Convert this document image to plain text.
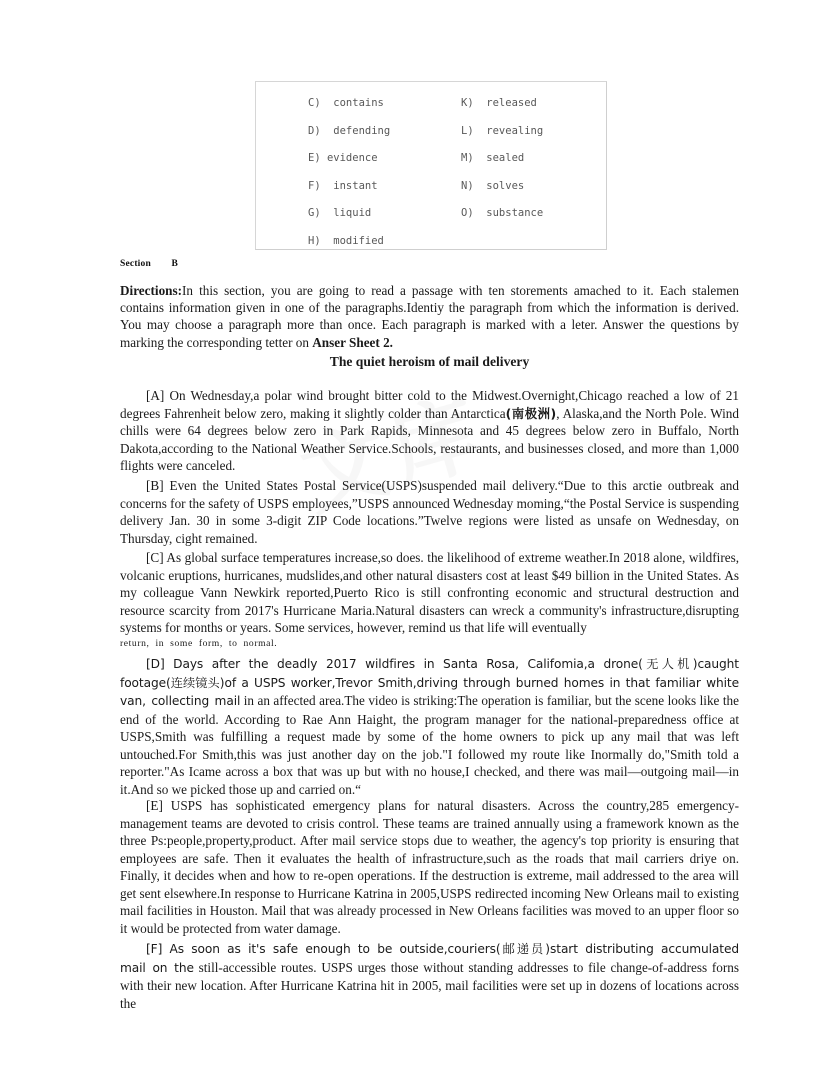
C)  contains
D)  defending
E) evidence
F)  instant
G)  liquid
H)  modified
K)  released
L)  revealing
M)  sealed
N)  solves
O)  substance
Section        B
Directions:In this section, you are going to read a passage with ten storements amached to it. Each stalemen contains information given in one of the paragraphs.Identiy the paragraph from which the information is derived. You may choose a paragraph more than once. Each paragraph is marked with a leter. Answer the questions by marking the corresponding tetter on Anser Sheet 2.
The quiet heroism of mail delivery
[A] On Wednesday,a polar wind brought bitter cold to the Midwest.Overnight,Chicago reached a low of 21 degrees Fahrenheit below zero, making it slightly colder than Antarctica(南极洲), Alaska,and the North Pole. Wind chills were 64 degrees below zero in Park Rapids, Minnesota and 45 degrees below zero in Buffalo, North Dakota,according to the National Weather Service.Schools, restaurants, and businesses closed, and more than 1,000 flights were canceled.
[B] Even the United States Postal Service(USPS)suspended mail delivery.“Due to this arctie outbreak and concerns for the safety of USPS employees,”USPS announced Wednesday moming,“the Postal Service is suspending delivery Jan. 30 in some 3-digit ZIP Code locations.”Twelve regions were listed as unsafe on Wednesday, on Thursday, cight remained.
[C] As global surface temperatures increase,so does. the likelihood of extreme weather.In 2018 alone, wildfires, volcanic eruptions, hurricanes, mudslides,and other natural disasters cost at least $49 billion in the United States. As my colleague Vann Newkirk reported,Puerto Rico is still confronting economic and structural destruction and resource scarcity from 2017's Hurricane Maria.Natural disasters can wreck a community's infrastructure,disrupting systems for months or years. Some services, however, remind us that life will eventually
return, in some form, to normal.
[D] Days after the deadly 2017 wildfires in Santa Rosa, Califomia,a drone(无人机)caught footage(连续镜头)of a USPS worker,Trevor Smith,driving through burned homes in that familiar white van, collecting mail in an affected area.The video is striking:The operation is familiar, but the scene looks like the end of the world. According to Rae Ann Haight, the program manager for the national-preparedness office at USPS,Smith was fulfilling a request made by some of the home owners to pick up any mail that was left untouched.For Smith,this was just another day on the job."I followed my route like Inormally do,"Smith told a reporter."As Icame across a box that was up but with no house,I checked, and there was mail—outgoing mail—in it.And so we picked those up and carried on.“
[E] USPS has sophisticated emergency plans for natural disasters. Across the country,285 emergency-management teams are devoted to crisis control. These teams are trained annually using a framework known as the three Ps:people,property,product. After mail service stops due to weather, the agency's top priority is ensuring that employees are safe. Then it evaluates the health of infrastructure,such as the roads that mail carriers driye on. Finally, it decides when and how to re-open operations. If the destruction is extreme, mail addressed to the area will get sent elsewhere.In response to Hurricane Katrina in 2005,USPS redirected incoming New Orleans mail to existing mail facilities in Houston. Mail that was already processed in New Orleans facilities was moved to an upper floor so it would be protected from water damage.
[F] As soon as it's safe enough to be outside,couriers(邮递员)start distributing accumulated mail on the still-accessible routes. USPS urges those without standing addresses to file change-of-address forns with their new location. After Hurricane Katrina hit in 2005, mail facilities were set up in dozens of locations across the
